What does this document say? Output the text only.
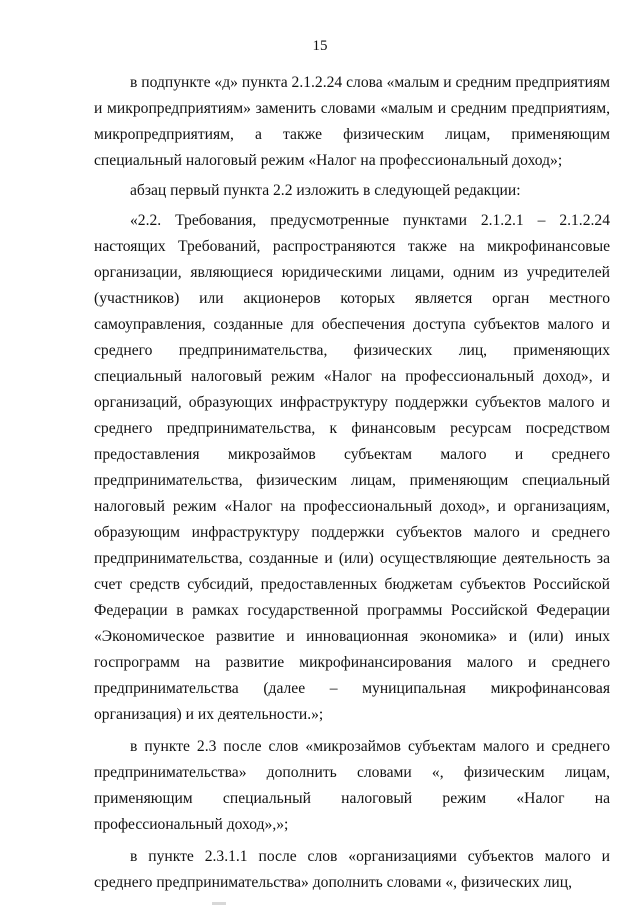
15

в подпункте «д» пункта 2.1.2.24 слова «малым и средним предприятиям и микропредприятиям» заменить словами «малым и средним предприятиям, микропредприятиям, а также физическим лицам, применяющим специальный налоговый режим «Налог на профессиональный доход»;

абзац первый пункта 2.2 изложить в следующей редакции:

«2.2. Требования, предусмотренные пунктами 2.1.2.1 – 2.1.2.24 настоящих Требований, распространяются также на микрофинансовые организации, являющиеся юридическими лицами, одним из учредителей (участников) или акционеров которых является орган местного самоуправления, созданные для обеспечения доступа субъектов малого и среднего предпринимательства, физических лиц, применяющих специальный налоговый режим «Налог на профессиональный доход», и организаций, образующих инфраструктуру поддержки субъектов малого и среднего предпринимательства, к финансовым ресурсам посредством предоставления микрозаймов субъектам малого и среднего предпринимательства, физическим лицам, применяющим специальный налоговый режим «Налог на профессиональный доход», и организациям, образующим инфраструктуру поддержки субъектов малого и среднего предпринимательства, созданные и (или) осуществляющие деятельность за счет средств субсидий, предоставленных бюджетам субъектов Российской Федерации в рамках государственной программы Российской Федерации «Экономическое развитие и инновационная экономика» и (или) иных госпрограмм на развитие микрофинансирования малого и среднего предпринимательства (далее – муниципальная микрофинансовая организация) и их деятельности.»;

в пункте 2.3 после слов «микрозаймов субъектам малого и среднего предпринимательства» дополнить словами «, физическим лицам, применяющим специальный налоговый режим «Налог на профессиональный доход»,»;

в пункте 2.3.1.1 после слов «организациями субъектов малого и среднего предпринимательства» дополнить словами «, физических лиц,
